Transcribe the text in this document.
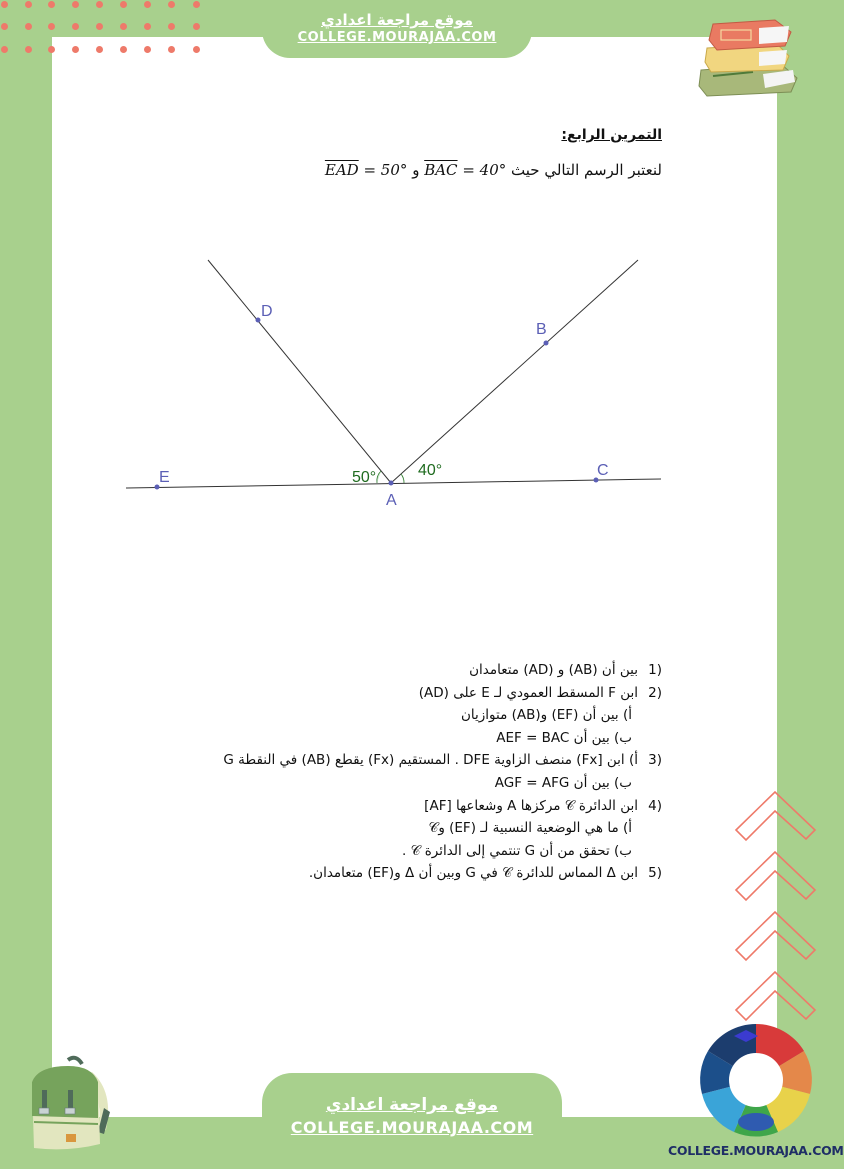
موقع مراجعة اعدادي
COLLEGE.MOURAJAA.COM
التمرين الرابع:
لنعتبر الرسم التالي حيث $\overline{BAC} = 40^\circ$ و $\overline{EAD} = 50^\circ$
D
B
E
A
C
50°	40°
1)
بين أن (AB) و (AD) متعامدان
2)
ابن F المسقط العمودي لـ E على (AD)
أ) بين أن (EF) و(AB) متوازيان
ب) بين أن AEF = BAC
3)
أ) ابن [Fx) منصف الزاوية DFE . المستقيم (Fx) يقطع (AB) في النقطة G
ب) بين أن AGF = AFG
4)
ابن الدائرة 𝒞 مركزها A وشعاعها [AF]
أ) ما هي الوضعية النسبية لـ (EF) و𝒞
ب) تحقق من أن G تنتمي إلى الدائرة 𝒞 .
5)
ابن Δ المماس للدائرة 𝒞 في G وبين أن Δ و(EF) متعامدان.
موقع مراجعة اعدادي
COLLEGE.MOURAJAA.COM
COLLEGE.MOURAJAA.COM
